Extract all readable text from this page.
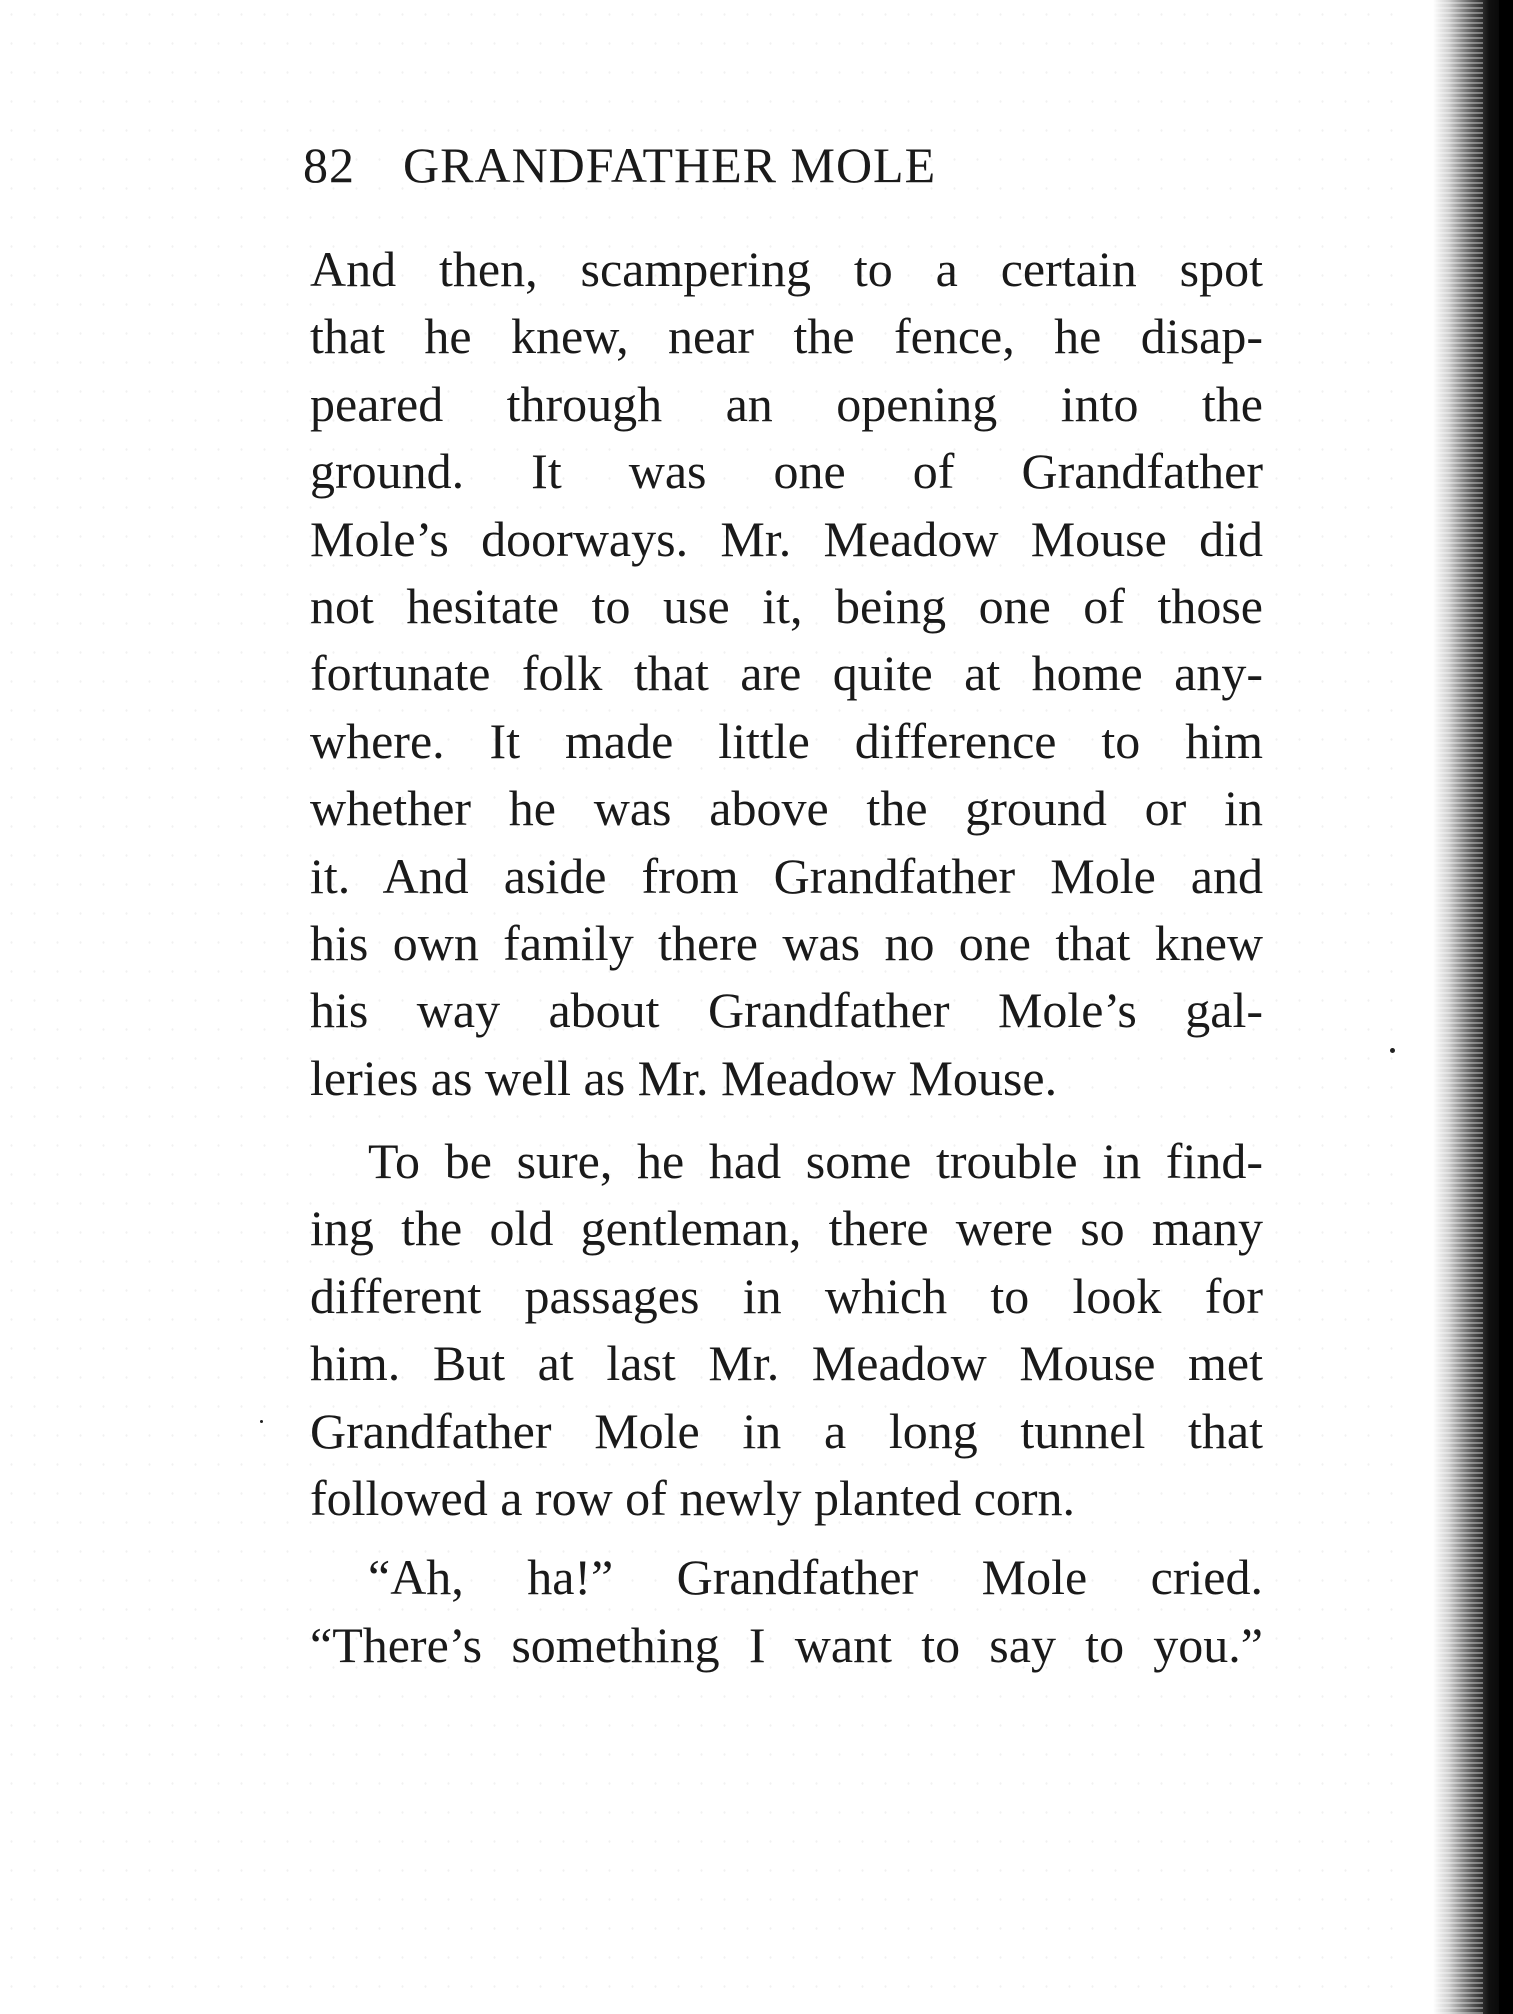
82 GRANDFATHER MOLE
And then, scampering to a certain spot
that he knew, near the fence, he disap-
peared through an opening into the
ground. It was one of Grandfather
Mole’s doorways. Mr. Meadow Mouse did
not hesitate to use it, being one of those
fortunate folk that are quite at home any-
where. It made little difference to him
whether he was above the ground or in
it. And aside from Grandfather Mole and
his own family there was no one that knew
his way about Grandfather Mole’s gal-
leries as well as Mr. Meadow Mouse.
To be sure, he had some trouble in find-
ing the old gentleman, there were so many
different passages in which to look for
him. But at last Mr. Meadow Mouse met
Grandfather Mole in a long tunnel that
followed a row of newly planted corn.
“Ah, ha!” Grandfather Mole cried.
“There’s something I want to say to you.”
